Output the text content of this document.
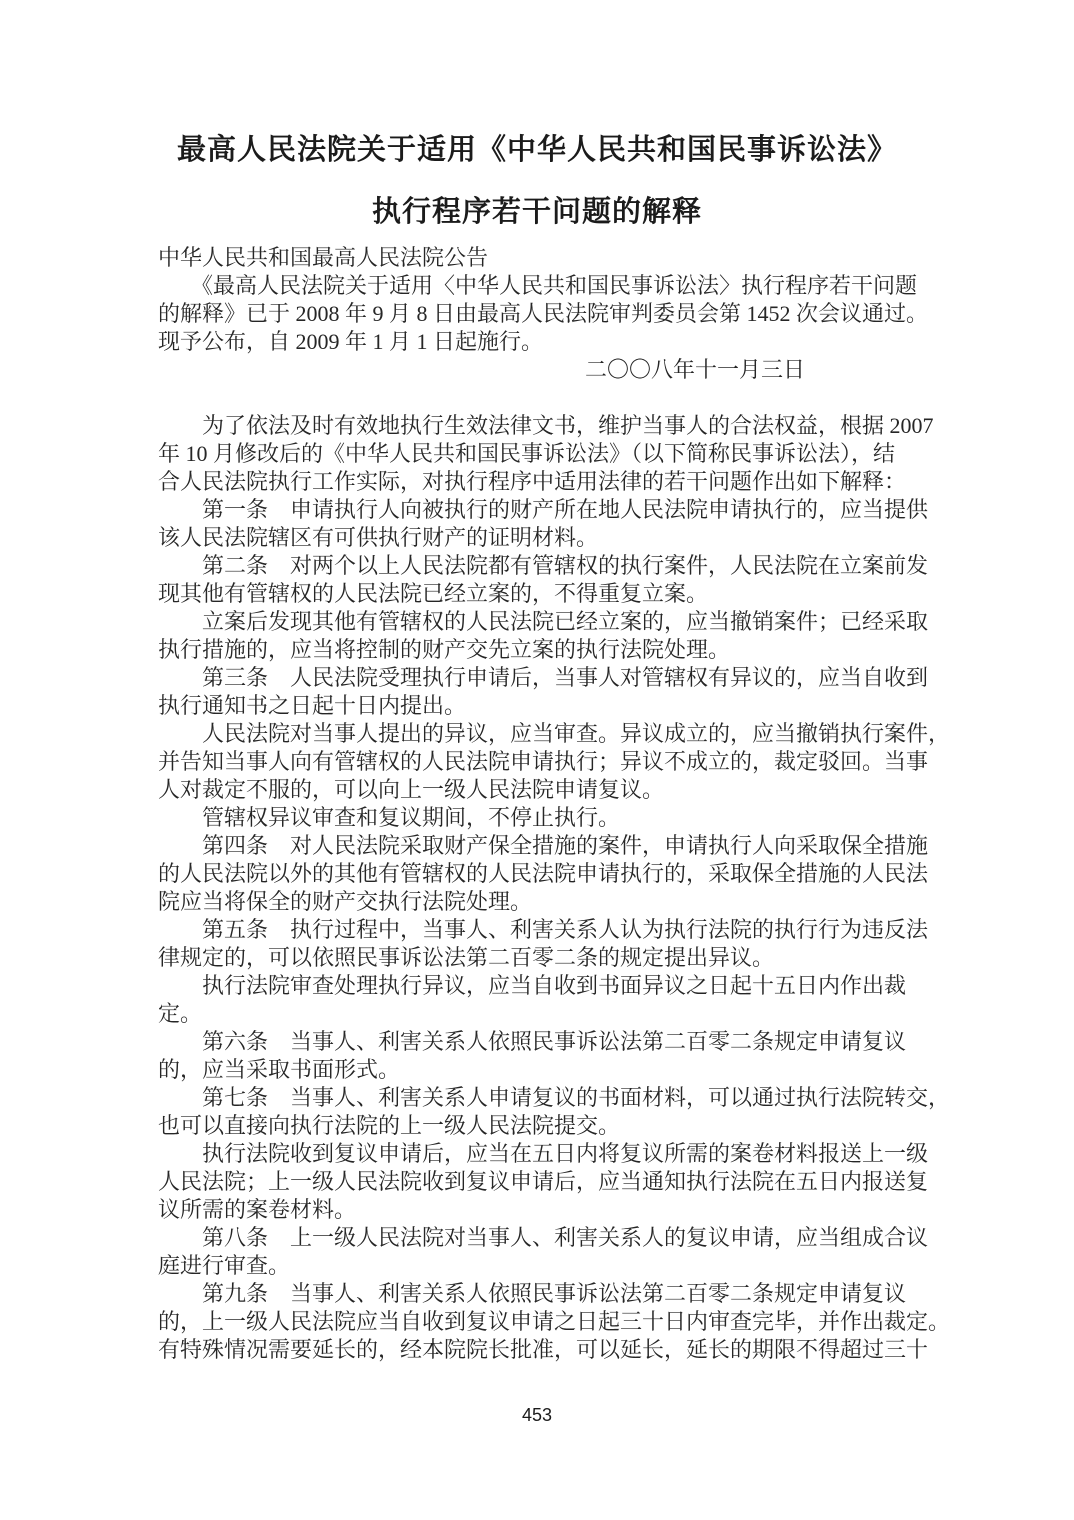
最高人民法院关于适用《中华人民共和国民事诉讼法》
执行程序若干问题的解释
中华人民共和国最高人民法院公告
　　《最高人民法院关于适用〈中华人民共和国民事诉讼法〉执行程序若干问题
的解释》已于 2008 年 9 月 8 日由最高人民法院审判委员会第 1452 次会议通过。
现予公布，自 2009 年 1 月 1 日起施行。
二〇〇八年十一月三日
　　为了依法及时有效地执行生效法律文书，维护当事人的合法权益，根据 2007
年 10 月修改后的《中华人民共和国民事诉讼法》（以下简称民事诉讼法），结
合人民法院执行工作实际，对执行程序中适用法律的若干问题作出如下解释：
　　第一条　申请执行人向被执行的财产所在地人民法院申请执行的，应当提供
该人民法院辖区有可供执行财产的证明材料。
　　第二条　对两个以上人民法院都有管辖权的执行案件，人民法院在立案前发
现其他有管辖权的人民法院已经立案的，不得重复立案。
　　立案后发现其他有管辖权的人民法院已经立案的，应当撤销案件；已经采取
执行措施的，应当将控制的财产交先立案的执行法院处理。
　　第三条　人民法院受理执行申请后，当事人对管辖权有异议的，应当自收到
执行通知书之日起十日内提出。
　　人民法院对当事人提出的异议，应当审查。异议成立的，应当撤销执行案件，
并告知当事人向有管辖权的人民法院申请执行；异议不成立的，裁定驳回。当事
人对裁定不服的，可以向上一级人民法院申请复议。
　　管辖权异议审查和复议期间，不停止执行。
　　第四条　对人民法院采取财产保全措施的案件，申请执行人向采取保全措施
的人民法院以外的其他有管辖权的人民法院申请执行的，采取保全措施的人民法
院应当将保全的财产交执行法院处理。
　　第五条　执行过程中，当事人、利害关系人认为执行法院的执行行为违反法
律规定的，可以依照民事诉讼法第二百零二条的规定提出异议。
　　执行法院审查处理执行异议，应当自收到书面异议之日起十五日内作出裁
定。
　　第六条　当事人、利害关系人依照民事诉讼法第二百零二条规定申请复议
的，应当采取书面形式。
　　第七条　当事人、利害关系人申请复议的书面材料，可以通过执行法院转交，
也可以直接向执行法院的上一级人民法院提交。
　　执行法院收到复议申请后，应当在五日内将复议所需的案卷材料报送上一级
人民法院；上一级人民法院收到复议申请后，应当通知执行法院在五日内报送复
议所需的案卷材料。
　　第八条　上一级人民法院对当事人、利害关系人的复议申请，应当组成合议
庭进行审查。
　　第九条　当事人、利害关系人依照民事诉讼法第二百零二条规定申请复议
的，上一级人民法院应当自收到复议申请之日起三十日内审查完毕，并作出裁定。
有特殊情况需要延长的，经本院院长批准，可以延长，延长的期限不得超过三十
453
